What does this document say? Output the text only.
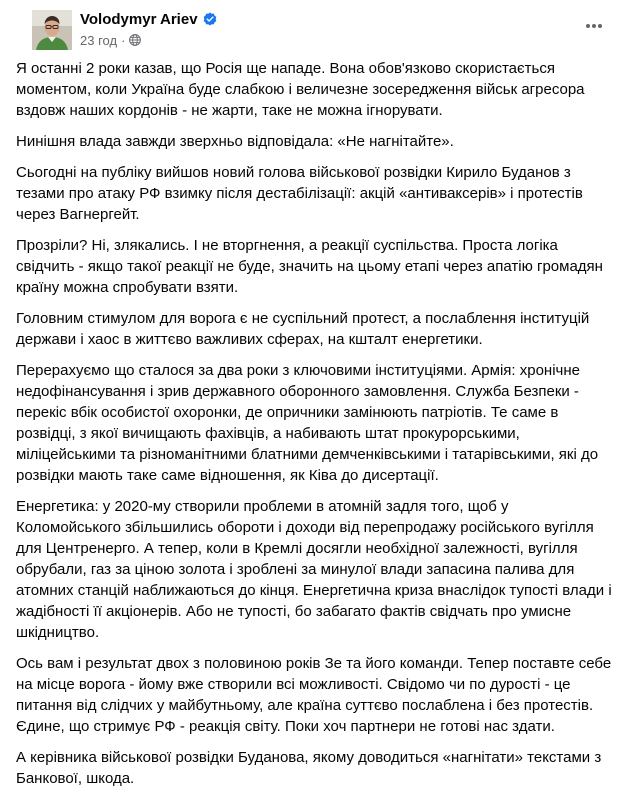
Volodymyr Ariev
23 год ·

Я останні 2 роки казав, що Росія ще нападе. Вона обов'язково скористається моментом, коли Україна буде слабкою і величезне зосередження військ агресора вздовж наших кордонів - не жарти, таке не можна ігнорувати.

Нинішня влада завжди зверхньо відповідала: «Не нагнітайте».

Сьогодні на публіку вийшов новий голова військової розвідки Кирило Буданов з тезами про атаку РФ взимку після дестабілізації: акцій «антиваксерів» і протестів через Вагнергейт.

Прозріли? Ні, злякались. І не вторгнення, а реакції суспільства. Проста логіка свідчить - якщо такої реакції не буде, значить на цьому етапі через апатію громадян країну можна спробувати взяти.

Головним стимулом для ворога є не суспільний протест, а послаблення інституцій держави і хаос в життєво важливих сферах, на кшталт енергетики.

Перерахуємо що сталося за два роки з ключовими інституціями. Армія: хронічне недофінансування і зрив державного оборонного замовлення. Служба Безпеки - перекіс вбік особистої охоронки, де опричники замінюють патріотів. Те саме в розвідці, з якої вичищають фахівців, а набивають штат прокурорськими, міліцейськими та різноманітними блатними демченківськими і татарівськими, які до розвідки мають таке саме відношення, як Ківа до дисертації.

Енергетика: у 2020-му створили проблеми в атомній задля того, щоб у Коломойського збільшились обороти і доходи від перепродажу російського вугілля для Центренерго. А тепер, коли в Кремлі досягли необхідної залежності, вугілля обрубали, газ за ціною золота і зроблені за минулої влади запасина палива для атомних станцій наближаються до кінця. Енергетична криза внаслідок тупості влади і жадібності її акціонерів. Або не тупості, бо забагато фактів свідчать про умисне шкідництво.

Ось вам і результат двох з половиною років Зе та його команди. Тепер поставте себе на місце ворога - йому вже створили всі можливості. Свідомо чи по дурості - це питання від слідчих у майбутньому, але країна суттєво послаблена і без протестів. Єдине, що стримує РФ - реакція світу. Поки хоч партнери не готові нас здати.

А керівника військової розвідки Буданова, якому доводиться «нагнітати» текстами з Банкової, шкода.
